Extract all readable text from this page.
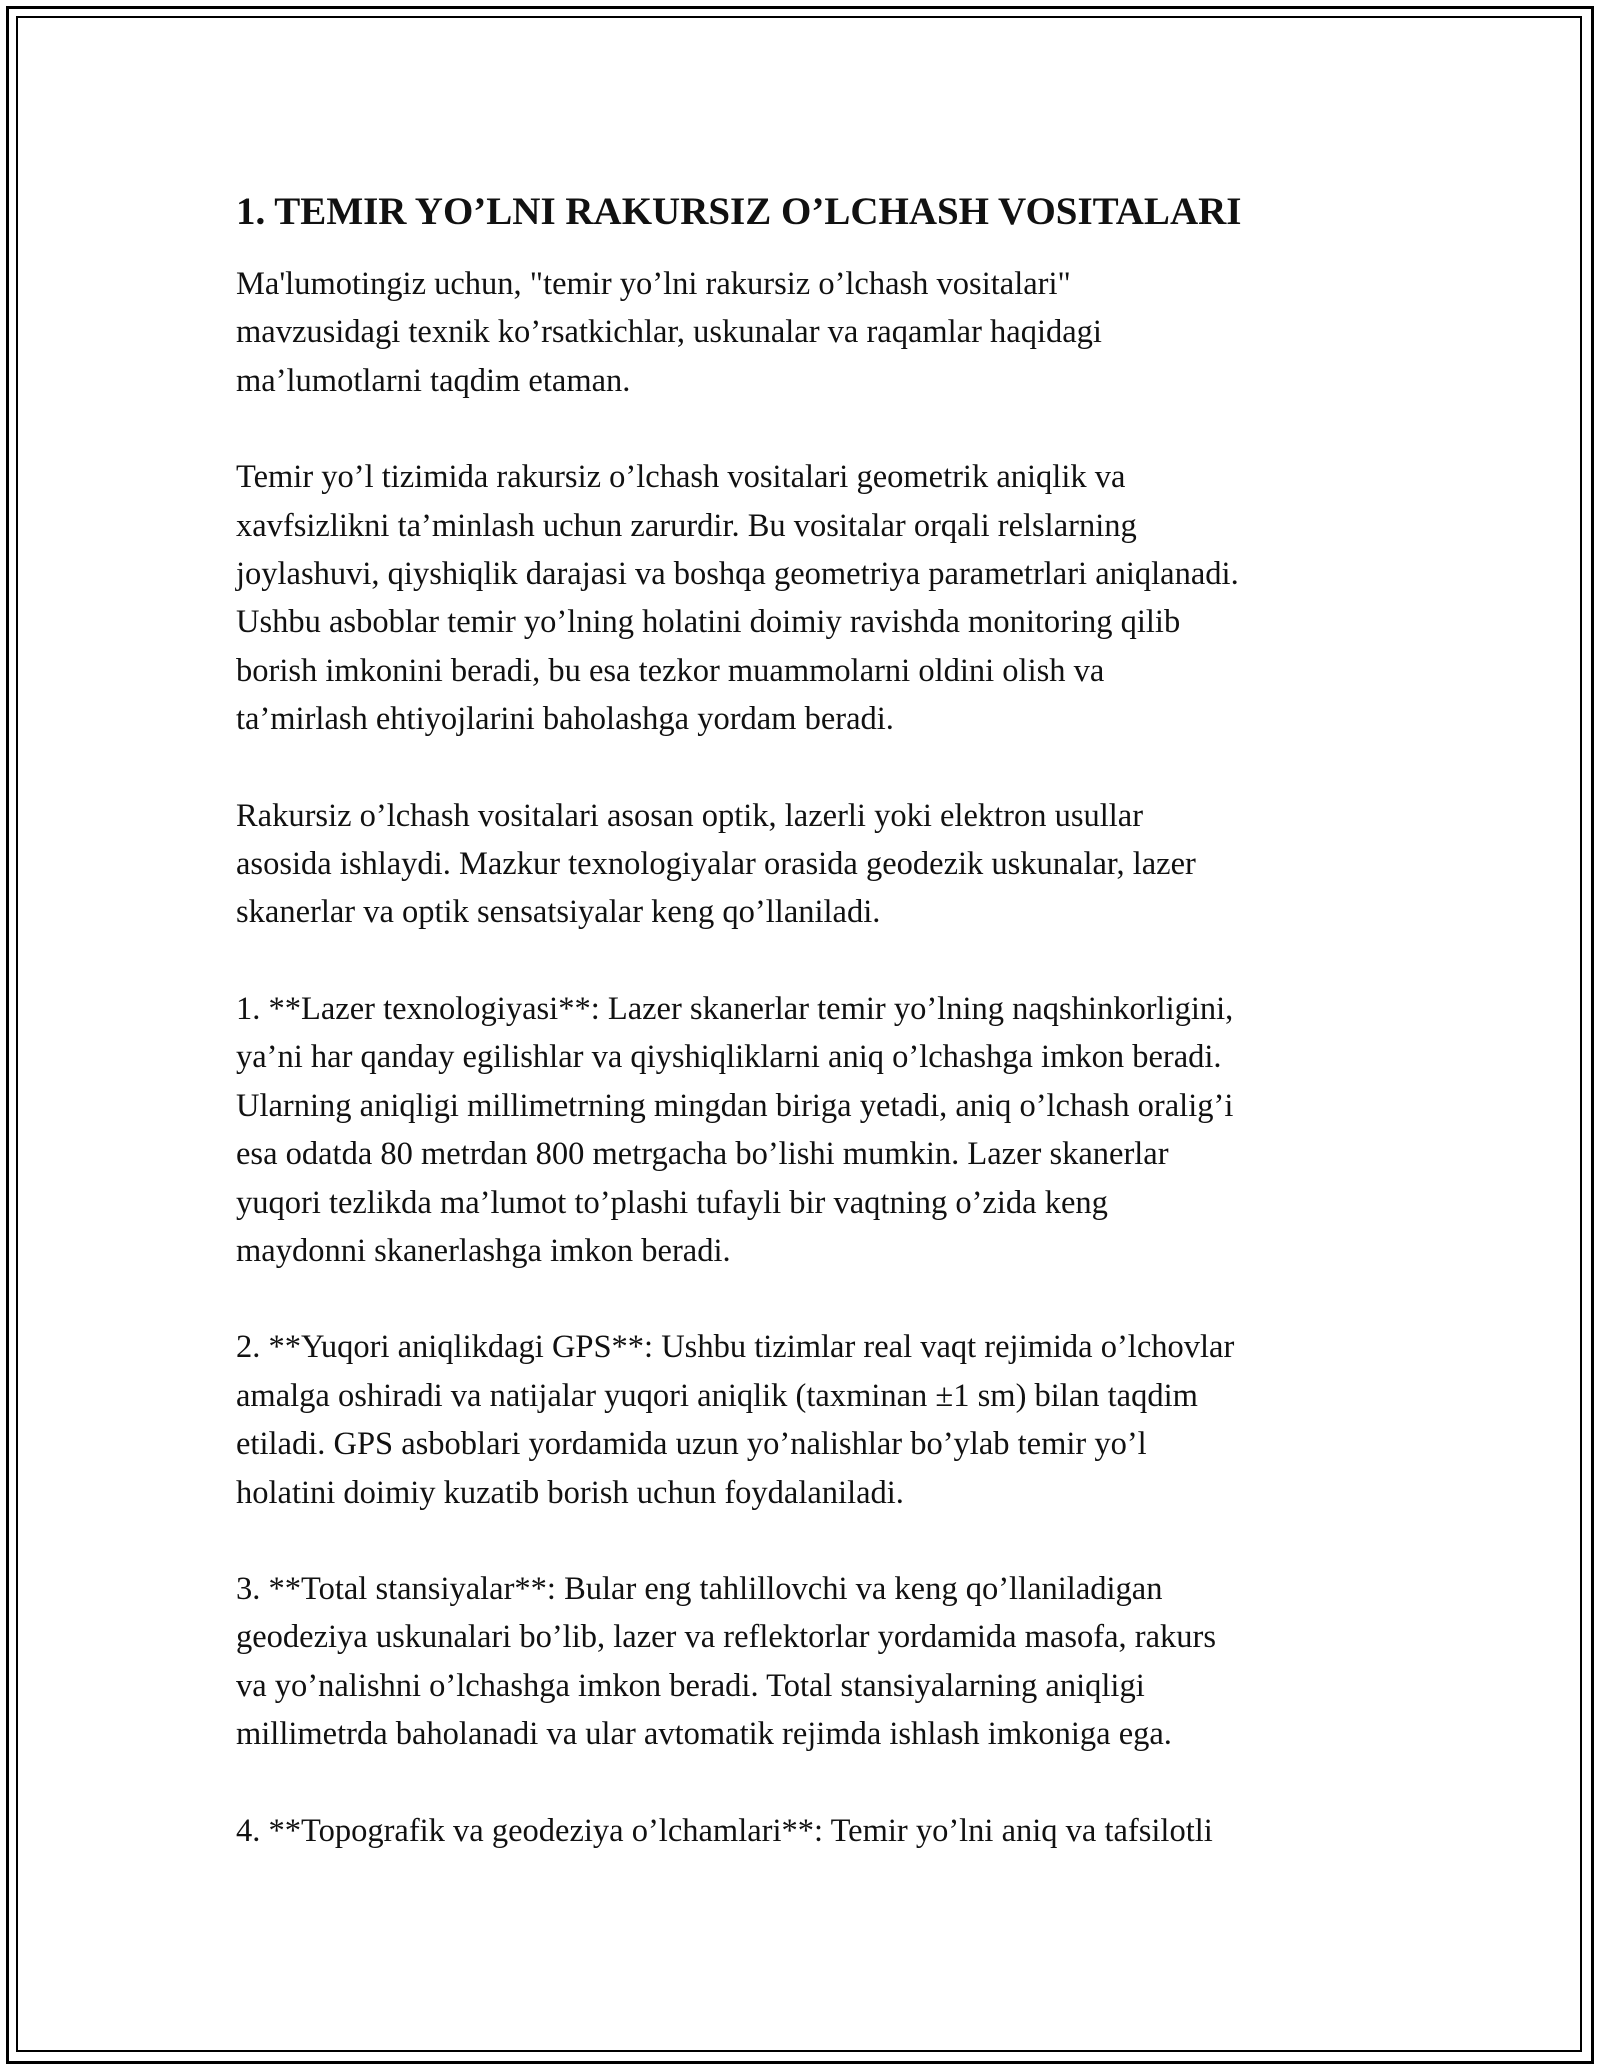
1. TEMIR YO’LNI RAKURSIZ O’LCHASH VOSITALARI

Ma'lumotingiz uchun, "temir yo’lni rakursiz o’lchash vositalari"
mavzusidagi texnik ko’rsatkichlar, uskunalar va raqamlar haqidagi
ma’lumotlarni taqdim etaman.

Temir yo’l tizimida rakursiz o’lchash vositalari geometrik aniqlik va
xavfsizlikni ta’minlash uchun zarurdir. Bu vositalar orqali relslarning
joylashuvi, qiyshiqlik darajasi va boshqa geometriya parametrlari aniqlanadi.
Ushbu asboblar temir yo’lning holatini doimiy ravishda monitoring qilib
borish imkonini beradi, bu esa tezkor muammolarni oldini olish va
ta’mirlash ehtiyojlarini baholashga yordam beradi.

Rakursiz o’lchash vositalari asosan optik, lazerli yoki elektron usullar
asosida ishlaydi. Mazkur texnologiyalar orasida geodezik uskunalar, lazer
skanerlar va optik sensatsiyalar keng qo’llaniladi.

1. **Lazer texnologiyasi**: Lazer skanerlar temir yo’lning naqshinkorligini,
ya’ni har qanday egilishlar va qiyshiqliklarni aniq o’lchashga imkon beradi.
Ularning aniqligi millimetrning mingdan biriga yetadi, aniq o’lchash oralig’i
esa odatda 80 metrdan 800 metrgacha bo’lishi mumkin. Lazer skanerlar
yuqori tezlikda ma’lumot to’plashi tufayli bir vaqtning o’zida keng
maydonni skanerlashga imkon beradi.

2. **Yuqori aniqlikdagi GPS**: Ushbu tizimlar real vaqt rejimida o’lchovlar
amalga oshiradi va natijalar yuqori aniqlik (taxminan ±1 sm) bilan taqdim
etiladi. GPS asboblari yordamida uzun yo’nalishlar bo’ylab temir yo’l
holatini doimiy kuzatib borish uchun foydalaniladi.

3. **Total stansiyalar**: Bular eng tahlillovchi va keng qo’llaniladigan
geodeziya uskunalari bo’lib, lazer va reflektorlar yordamida masofa, rakurs
va yo’nalishni o’lchashga imkon beradi. Total stansiyalarning aniqligi
millimetrda baholanadi va ular avtomatik rejimda ishlash imkoniga ega.

4. **Topografik va geodeziya o’lchamlari**: Temir yo’lni aniq va tafsilotli
